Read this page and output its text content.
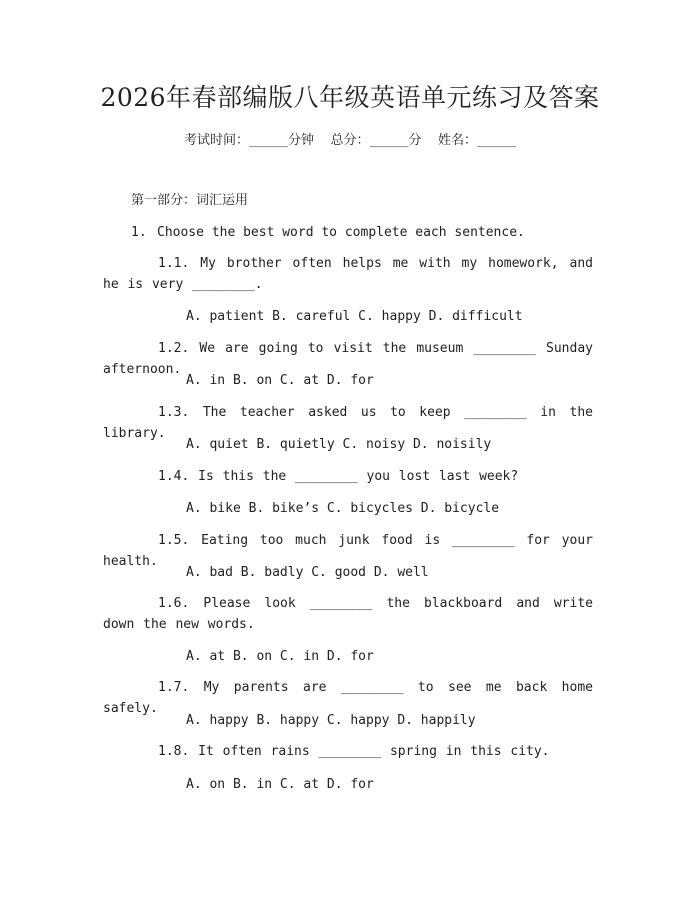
2026年春部编版八年级英语单元练习及答案
考试时间：______分钟    总分：______分    姓名：______
第一部分：词汇运用
1. Choose the best word to complete each sentence.
1.1. My brother often helps me with my homework, and he is very ________.
A. patient B. careful C. happy D. difficult
1.2. We are going to visit the museum ________ Sunday afternoon.
A. in B. on C. at D. for
1.3. The teacher asked us to keep ________ in the library.
A. quiet B. quietly C. noisy D. noisily
1.4. Is this the ________ you lost last week?
A. bike B. bike’s C. bicycles D. bicycle
1.5. Eating too much junk food is ________ for your health.
A. bad B. badly C. good D. well
1.6. Please look ________ the blackboard and write down the new words.
A. at B. on C. in D. for
1.7. My parents are ________ to see me back home safely.
A. happy B. happy C. happy D. happily
1.8. It often rains ________ spring in this city.
A. on B. in C. at D. for
